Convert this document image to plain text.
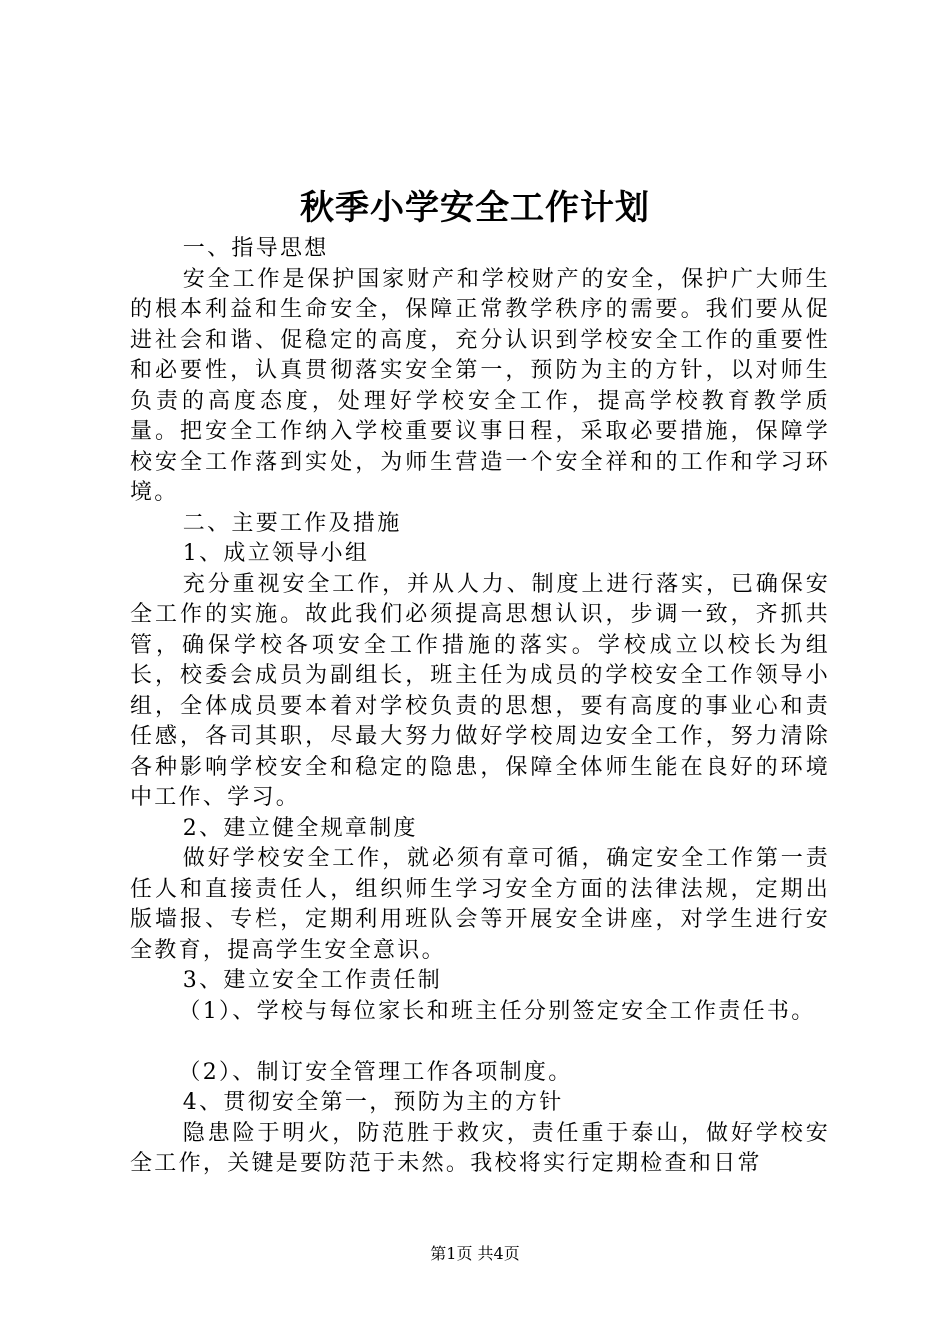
秋季小学安全工作计划

一、指导思想

安全工作是保护国家财产和学校财产的安全，保护广大师生的根本利益和生命安全，保障正常教学秩序的需要。我们要从促进社会和谐、促稳定的高度，充分认识到学校安全工作的重要性和必要性，认真贯彻落实安全第一，预防为主的方针，以对师生负责的高度态度，处理好学校安全工作，提高学校教育教学质量。把安全工作纳入学校重要议事日程，采取必要措施，保障学校安全工作落到实处，为师生营造一个安全祥和的工作和学习环境。

二、主要工作及措施

1、成立领导小组

充分重视安全工作，并从人力、制度上进行落实，已确保安全工作的实施。故此我们必须提高思想认识，步调一致，齐抓共管，确保学校各项安全工作措施的落实。学校成立以校长为组长，校委会成员为副组长，班主任为成员的学校安全工作领导小组，全体成员要本着对学校负责的思想，要有高度的事业心和责任感，各司其职，尽最大努力做好学校周边安全工作，努力清除各种影响学校安全和稳定的隐患，保障全体师生能在良好的环境中工作、学习。

2、建立健全规章制度

做好学校安全工作，就必须有章可循，确定安全工作第一责任人和直接责任人，组织师生学习安全方面的法律法规，定期出版墙报、专栏，定期利用班队会等开展安全讲座，对学生进行安全教育，提高学生安全意识。

3、建立安全工作责任制

（1）、学校与每位家长和班主任分别签定安全工作责任书。

（2）、制订安全管理工作各项制度。

4、贯彻安全第一，预防为主的方针

隐患险于明火，防范胜于救灾，责任重于泰山，做好学校安全工作，关键是要防范于未然。我校将实行定期检查和日常

第1页 共4页
